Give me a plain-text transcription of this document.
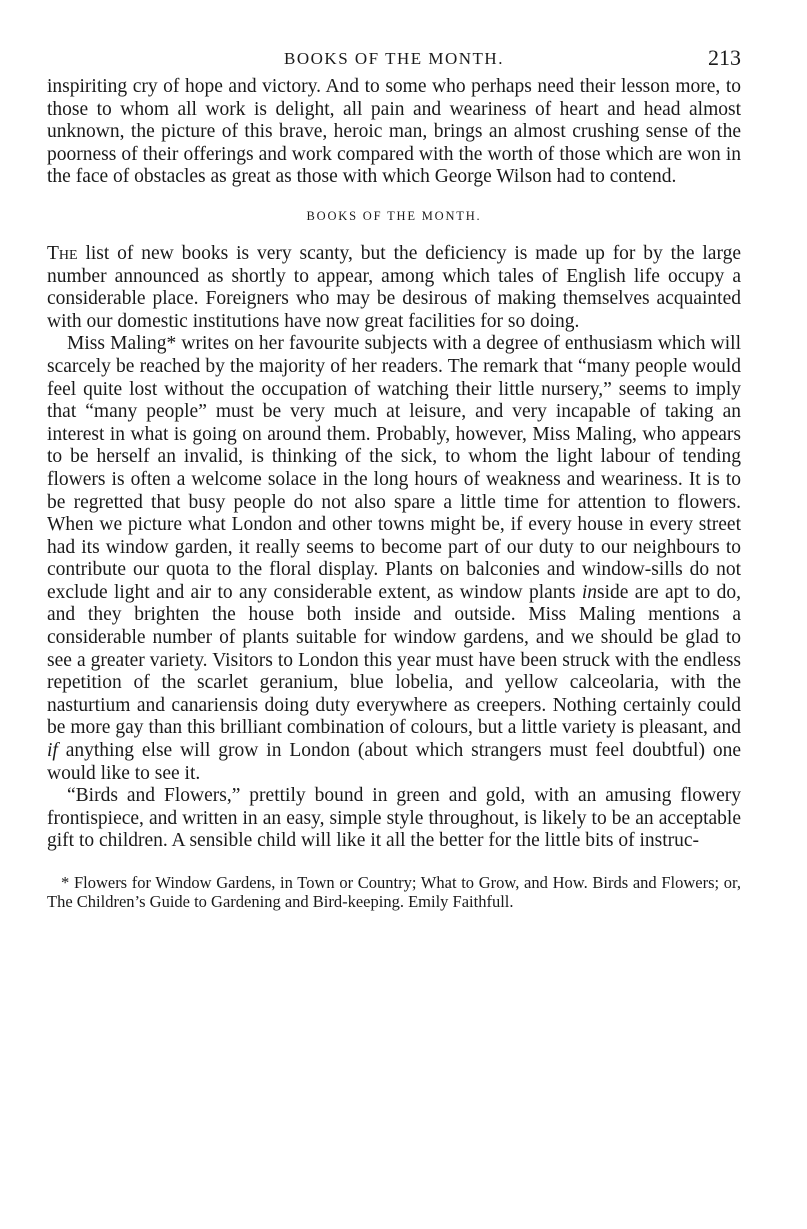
BOOKS OF THE MONTH.	213

inspiriting cry of hope and victory. And to some who perhaps need their lesson more, to those to whom all work is delight, all pain and weariness of heart and head almost unknown, the picture of this brave, heroic man, brings an almost crushing sense of the poorness of their offerings and work compared with the worth of those which are won in the face of obstacles as great as those with which George Wilson had to contend.

BOOKS OF THE MONTH.

The list of new books is very scanty, but the deficiency is made up for by the large number announced as shortly to appear, among which tales of English life occupy a considerable place. Foreigners who may be desirous of making themselves acquainted with our domestic institutions have now great facilities for so doing.

Miss Maling* writes on her favourite subjects with a degree of enthusiasm which will scarcely be reached by the majority of her readers. The remark that “many people would feel quite lost without the occupation of watching their little nursery,” seems to imply that “many people” must be very much at leisure, and very incapable of taking an interest in what is going on around them. Probably, however, Miss Maling, who appears to be herself an invalid, is thinking of the sick, to whom the light labour of tending flowers is often a welcome solace in the long hours of weakness and weariness. It is to be regretted that busy people do not also spare a little time for attention to flowers. When we picture what London and other towns might be, if every house in every street had its window garden, it really seems to become part of our duty to our neighbours to contribute our quota to the floral display. Plants on balconies and window-sills do not exclude light and air to any considerable extent, as window plants inside are apt to do, and they brighten the house both inside and outside. Miss Maling mentions a considerable number of plants suitable for window gardens, and we should be glad to see a greater variety. Visitors to London this year must have been struck with the endless repetition of the scarlet geranium, blue lobelia, and yellow calceolaria, with the nasturtium and canariensis doing duty everywhere as creepers. Nothing certainly could be more gay than this brilliant combination of colours, but a little variety is pleasant, and if anything else will grow in London (about which strangers must feel doubtful) one would like to see it.

“Birds and Flowers,” prettily bound in green and gold, with an amusing flowery frontispiece, and written in an easy, simple style throughout, is likely to be an acceptable gift to children. A sensible child will like it all the better for the little bits of instruc-

* Flowers for Window Gardens, in Town or Country; What to Grow, and How. Birds and Flowers; or, The Children’s Guide to Gardening and Bird-keeping. Emily Faithfull.
